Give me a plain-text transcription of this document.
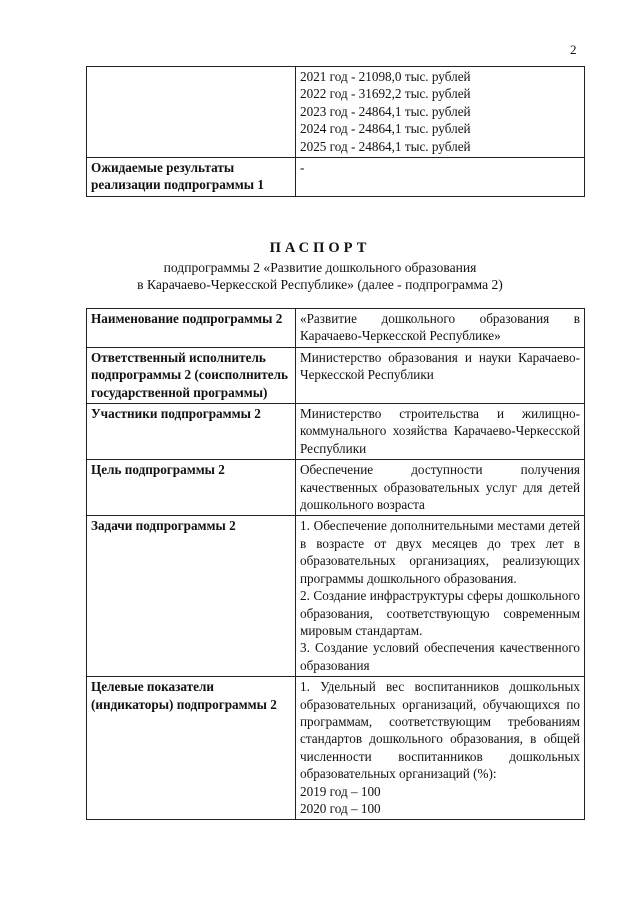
2

	2021 год - 21098,0 тыс. рублей
2022 год - 31692,2 тыс. рублей
2023 год - 24864,1 тыс. рублей
2024 год - 24864,1 тыс. рублей
2025 год - 24864,1 тыс. рублей

Ожидаемые результаты реализации подпрограммы 1	-
ПАСПОРТ
подпрограммы 2 «Развитие дошкольного образования
в Карачаево-Черкесской Республике» (далее - подпрограмма 2)
Наименование подпрограммы 2	«Развитие дошкольного образования в Карачаево-Черкесской Республике»

Ответственный исполнитель подпрограммы 2 (соисполнитель государственной программы)	Министерство образования и науки Карачаево-Черкесской Республики

Участники подпрограммы 2	Министерство строительства и жилищно-коммунального хозяйства Карачаево-Черкесской Республики

Цель подпрограммы 2	Обеспечение доступности получения качественных образовательных услуг для детей дошкольного возраста

Задачи подпрограммы 2	1. Обеспечение дополнительными местами детей в возрасте от двух месяцев до трех лет в образовательных организациях, реализующих программы дошкольного образования.
2. Создание инфраструктуры сферы дошкольного образования, соответствующую современным мировым стандартам.
3. Создание условий обеспечения качественного образования

Целевые показатели (индикаторы) подпрограммы 2	1. Удельный вес воспитанников дошкольных образовательных организаций, обучающихся по программам, соответствующим требованиям стандартов дошкольного образования, в общей численности воспитанников дошкольных образовательных организаций (%):
2019 год – 100
2020 год – 100
